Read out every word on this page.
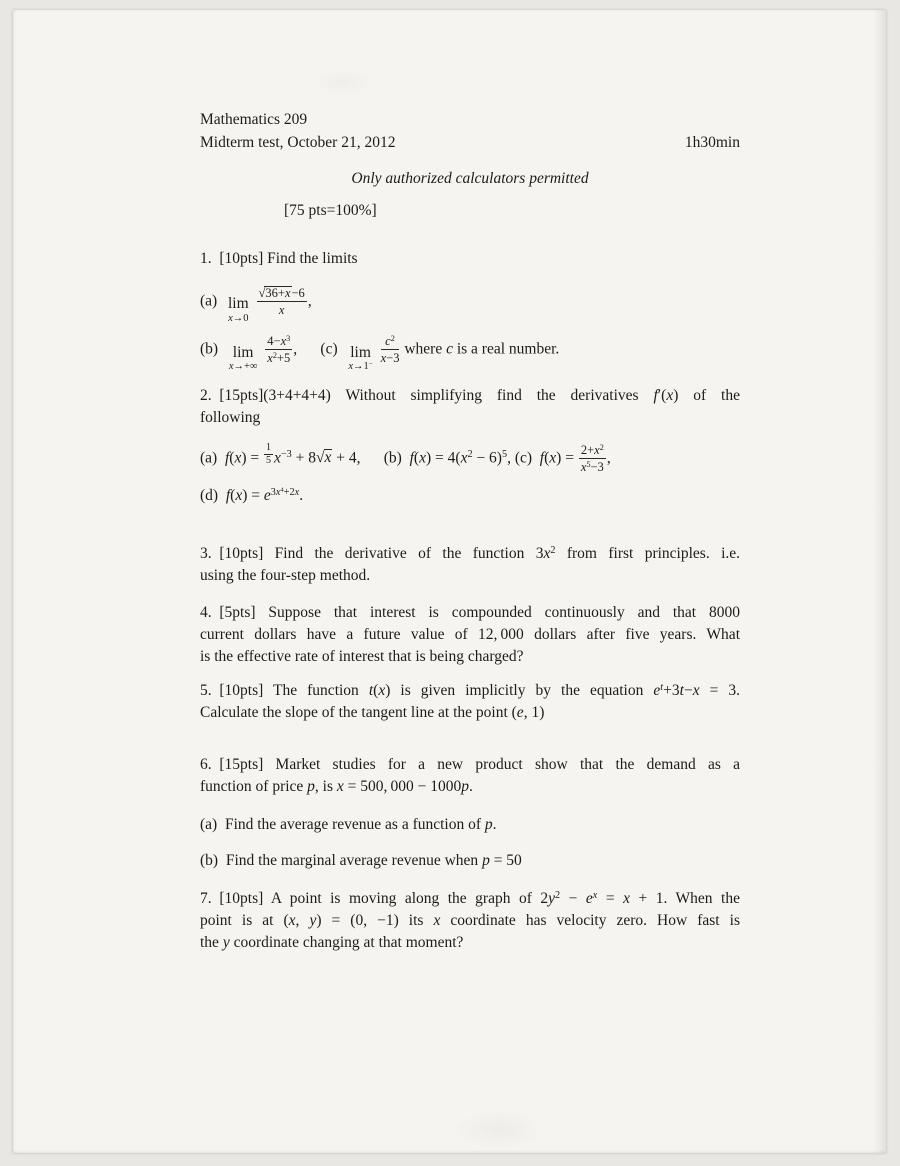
Mathematics 209
Midterm test, October 21, 2012	1h30min
Only authorized calculators permitted
[75 pts=100%]
1. [10pts] Find the limits
(a)  lim
x→0

$\frac{√36+x-6}{x}$ ,
(b)  lim
x→+∞

$\frac{4-x^3}{x^2+5}$ ,  (c)  lim
x→1−
$\frac{c^2}{x-3}$ where c is a real number.
2. [15pts](3+4+4+4) Without simplifying find the derivatives f′(x) of the
following
(a) $f(x) = \frac{1}{5} x^{-3} + 8√x + 4$,  (b) $f(x) = 4(x^2 - 6)^5$, (c) $f(x) = \frac{2+x^2}{x^5-3}$ ,
(d) $f(x) = e^{3x^4+2x}$.
3. [10pts] Find the derivative of the function $3x^2$ from first principles. i.e.
using the four-step method.
4. [5pts] Suppose that interest is compounded continuously and that 8000
current dollars have a future value of 12, 000 dollars after five years. What
is the effective rate of interest that is being charged?
5. [10pts] The function t(x) is given implicitly by the equation $e^t+3t-x = 3$.
Calculate the slope of the tangent line at the point (e, 1)
6. [15pts] Market studies for a new product show that the demand as a
function of price p, is x = 500, 000 − 1000p.
(a) Find the average revenue as a function of p.
(b) Find the marginal average revenue when p = 50
7. [10pts] A point is moving along the graph of $2y^2 - e^x = x + 1$. When the
point is at (x, y) = (0, −1) its x coordinate has velocity zero. How fast is
the y coordinate changing at that moment?
